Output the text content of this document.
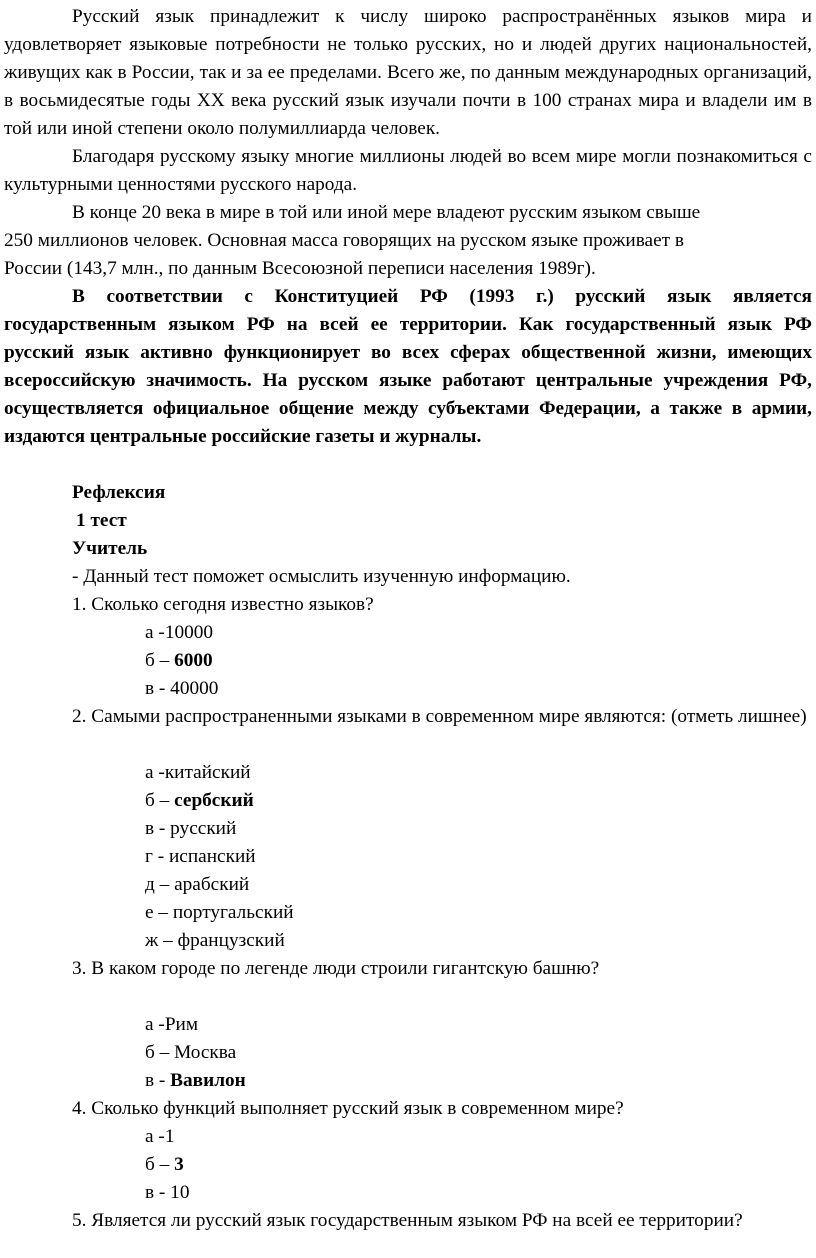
Русский язык принадлежит к числу широко распространённых языков мира и удовлетворяет языковые потребности не только русских, но и людей других национальностей, живущих как в России, так и за ее пределами. Всего же, по данным международных организаций, в восьмидесятые годы XX века русский язык изучали почти в 100 странах мира и владели им в той или иной степени около полумиллиарда человек.

Благодаря русскому языку многие миллионы людей во всем мире могли познакомиться с культурными ценностями русского народа.

В конце 20 века в мире в той или иной мере владеют русским языком свыше

250 миллионов человек. Основная масса говорящих на русском языке проживает в

России (143,7 млн., по данным Всесоюзной переписи населения 1989г).

В соответствии с Конституцией РФ (1993 г.) русский язык является государственным языком РФ на всей ее территории. Как государственный язык РФ русский язык активно функционирует во всех сферах общественной жизни, имеющих всероссийскую значимость. На русском языке работают центральные учреждения РФ, осуществляется официальное общение между субъектами Федерации, а также в армии, издаются центральные российские газеты и журналы.

Рефлексия

1 тест

Учитель

- Данный тест поможет осмыслить изученную информацию.

1. Сколько сегодня известно языков?

а -10000

б – 6000

в - 40000

2. Самыми распространенными языками в современном мире являются: (отметь лишнее)

а -китайский

б – сербский

в - русский

г - испанский

д – арабский

е – португальский

ж – французский

3. В каком городе по легенде люди строили гигантскую башню?

а -Рим

б – Москва

в - Вавилон

4. Сколько функций выполняет русский язык в современном мире?

а -1

б – 3

в - 10

5. Является ли русский язык государственным языком РФ на всей ее территории?
